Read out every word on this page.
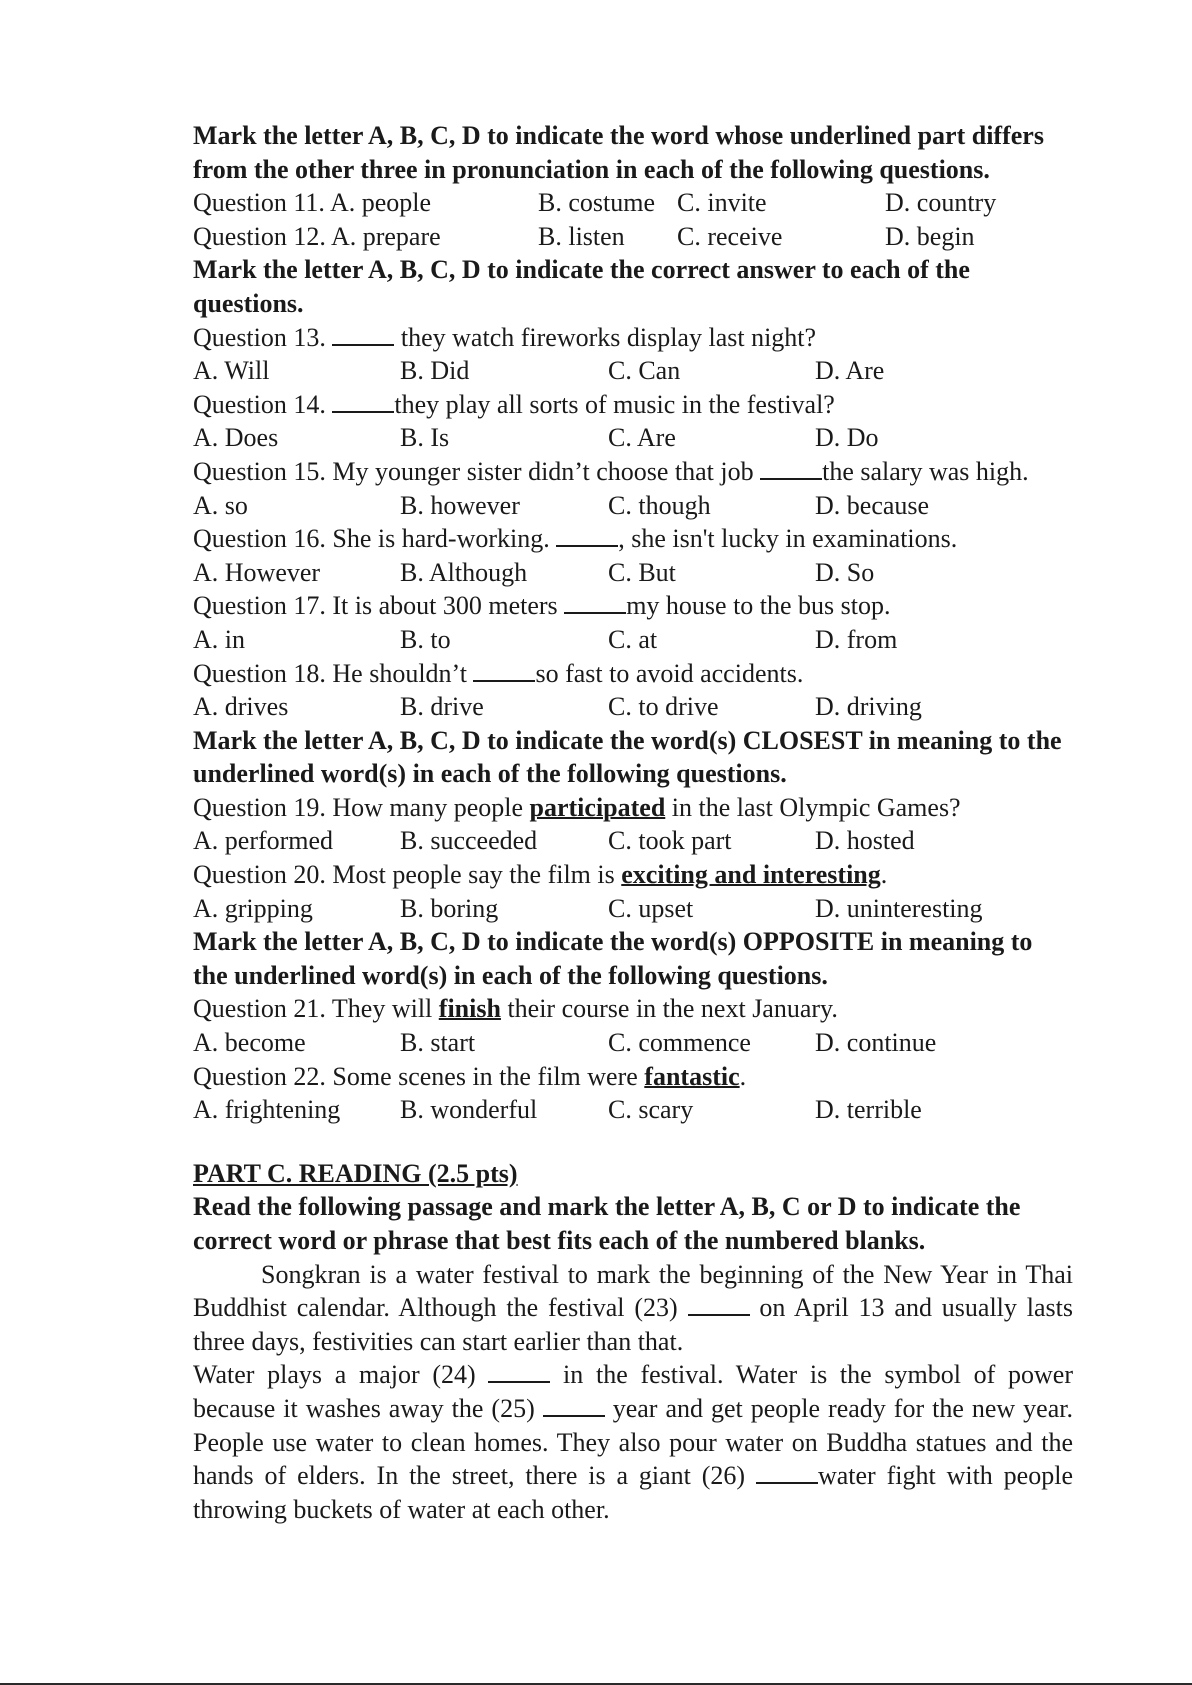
Mark the letter A, B, C, D to indicate the word whose underlined part differs from the other three in pronunciation in each of the following questions.
Question 11. A. people	B. costume C. invite	D. country
Question 12. A. prepare	B. listen C. receive	D. begin
Mark the letter A, B, C, D to indicate the correct answer to each of the questions.
Question 13.  they watch fireworks display last night?
A. Will	B. Did	C. Can	D. Are
Question 14. they play all sorts of music in the festival?
A. Does	B. Is	C. Are	D. Do
Question 15. My younger sister didn’t choose that job the salary was high.
A. so	B. however	C. though	D. because
Question 16. She is hard-working. , she isn't lucky in examinations.
A. However	B. Although	C. But	D. So
Question 17. It is about 300 meters my house to the bus stop.
A. in	B. to	C. at	D. from
Question 18. He shouldn’t so fast to avoid accidents.
A. drives	B. drive	C. to drive	D. driving
Mark the letter A, B, C, D to indicate the word(s) CLOSEST in meaning to the underlined word(s) in each of the following questions.
Question 19. How many people participated in the last Olympic Games?
A. performed	B. succeeded	C. took part	D. hosted
Question 20. Most people say the film is exciting and interesting.
A. gripping	B. boring	C. upset	D. uninteresting
Mark the letter A, B, C, D to indicate the word(s) OPPOSITE in meaning to the underlined word(s) in each of the following questions.
Question 21. They will finish their course in the next January.
A. become	B. start	C. commence D. continue
Question 22. Some scenes in the film were fantastic.
A. frightening B. wonderful	C. scary	D. terrible
PART C. READING (2.5 pts)
Read the following passage and mark the letter A, B, C or D to indicate the correct word or phrase that best fits each of the numbered blanks.
Songkran is a water festival to mark the beginning of the New Year in Thai Buddhist calendar. Although the festival (23)  on April 13 and usually lasts three days, festivities can start earlier than that.
Water plays a major (24)  in the festival. Water is the symbol of power because it washes away the (25)  year and get people ready for the new year. People use water to clean homes. They also pour water on Buddha statues and the hands of elders. In the street, there is a giant (26) water fight with people throwing buckets of water at each other.
